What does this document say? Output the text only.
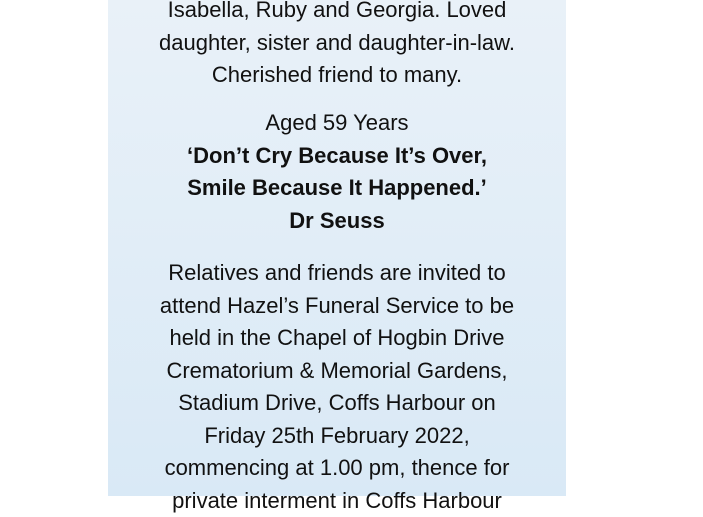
Isabella, Ruby and Georgia. Loved
daughter, sister and daughter-in-law.
Cherished friend to many.
Aged 59 Years
‘Don’t Cry Because It’s Over,
Smile Because It Happened.’
Dr Seuss
Relatives and friends are invited to
attend Hazel’s Funeral Service to be
held in the Chapel of Hogbin Drive
Crematorium & Memorial Gardens,
Stadium Drive, Coffs Harbour on
Friday 25th February 2022,
commencing at 1.00 pm, thence for
private interment in Coffs Harbour
